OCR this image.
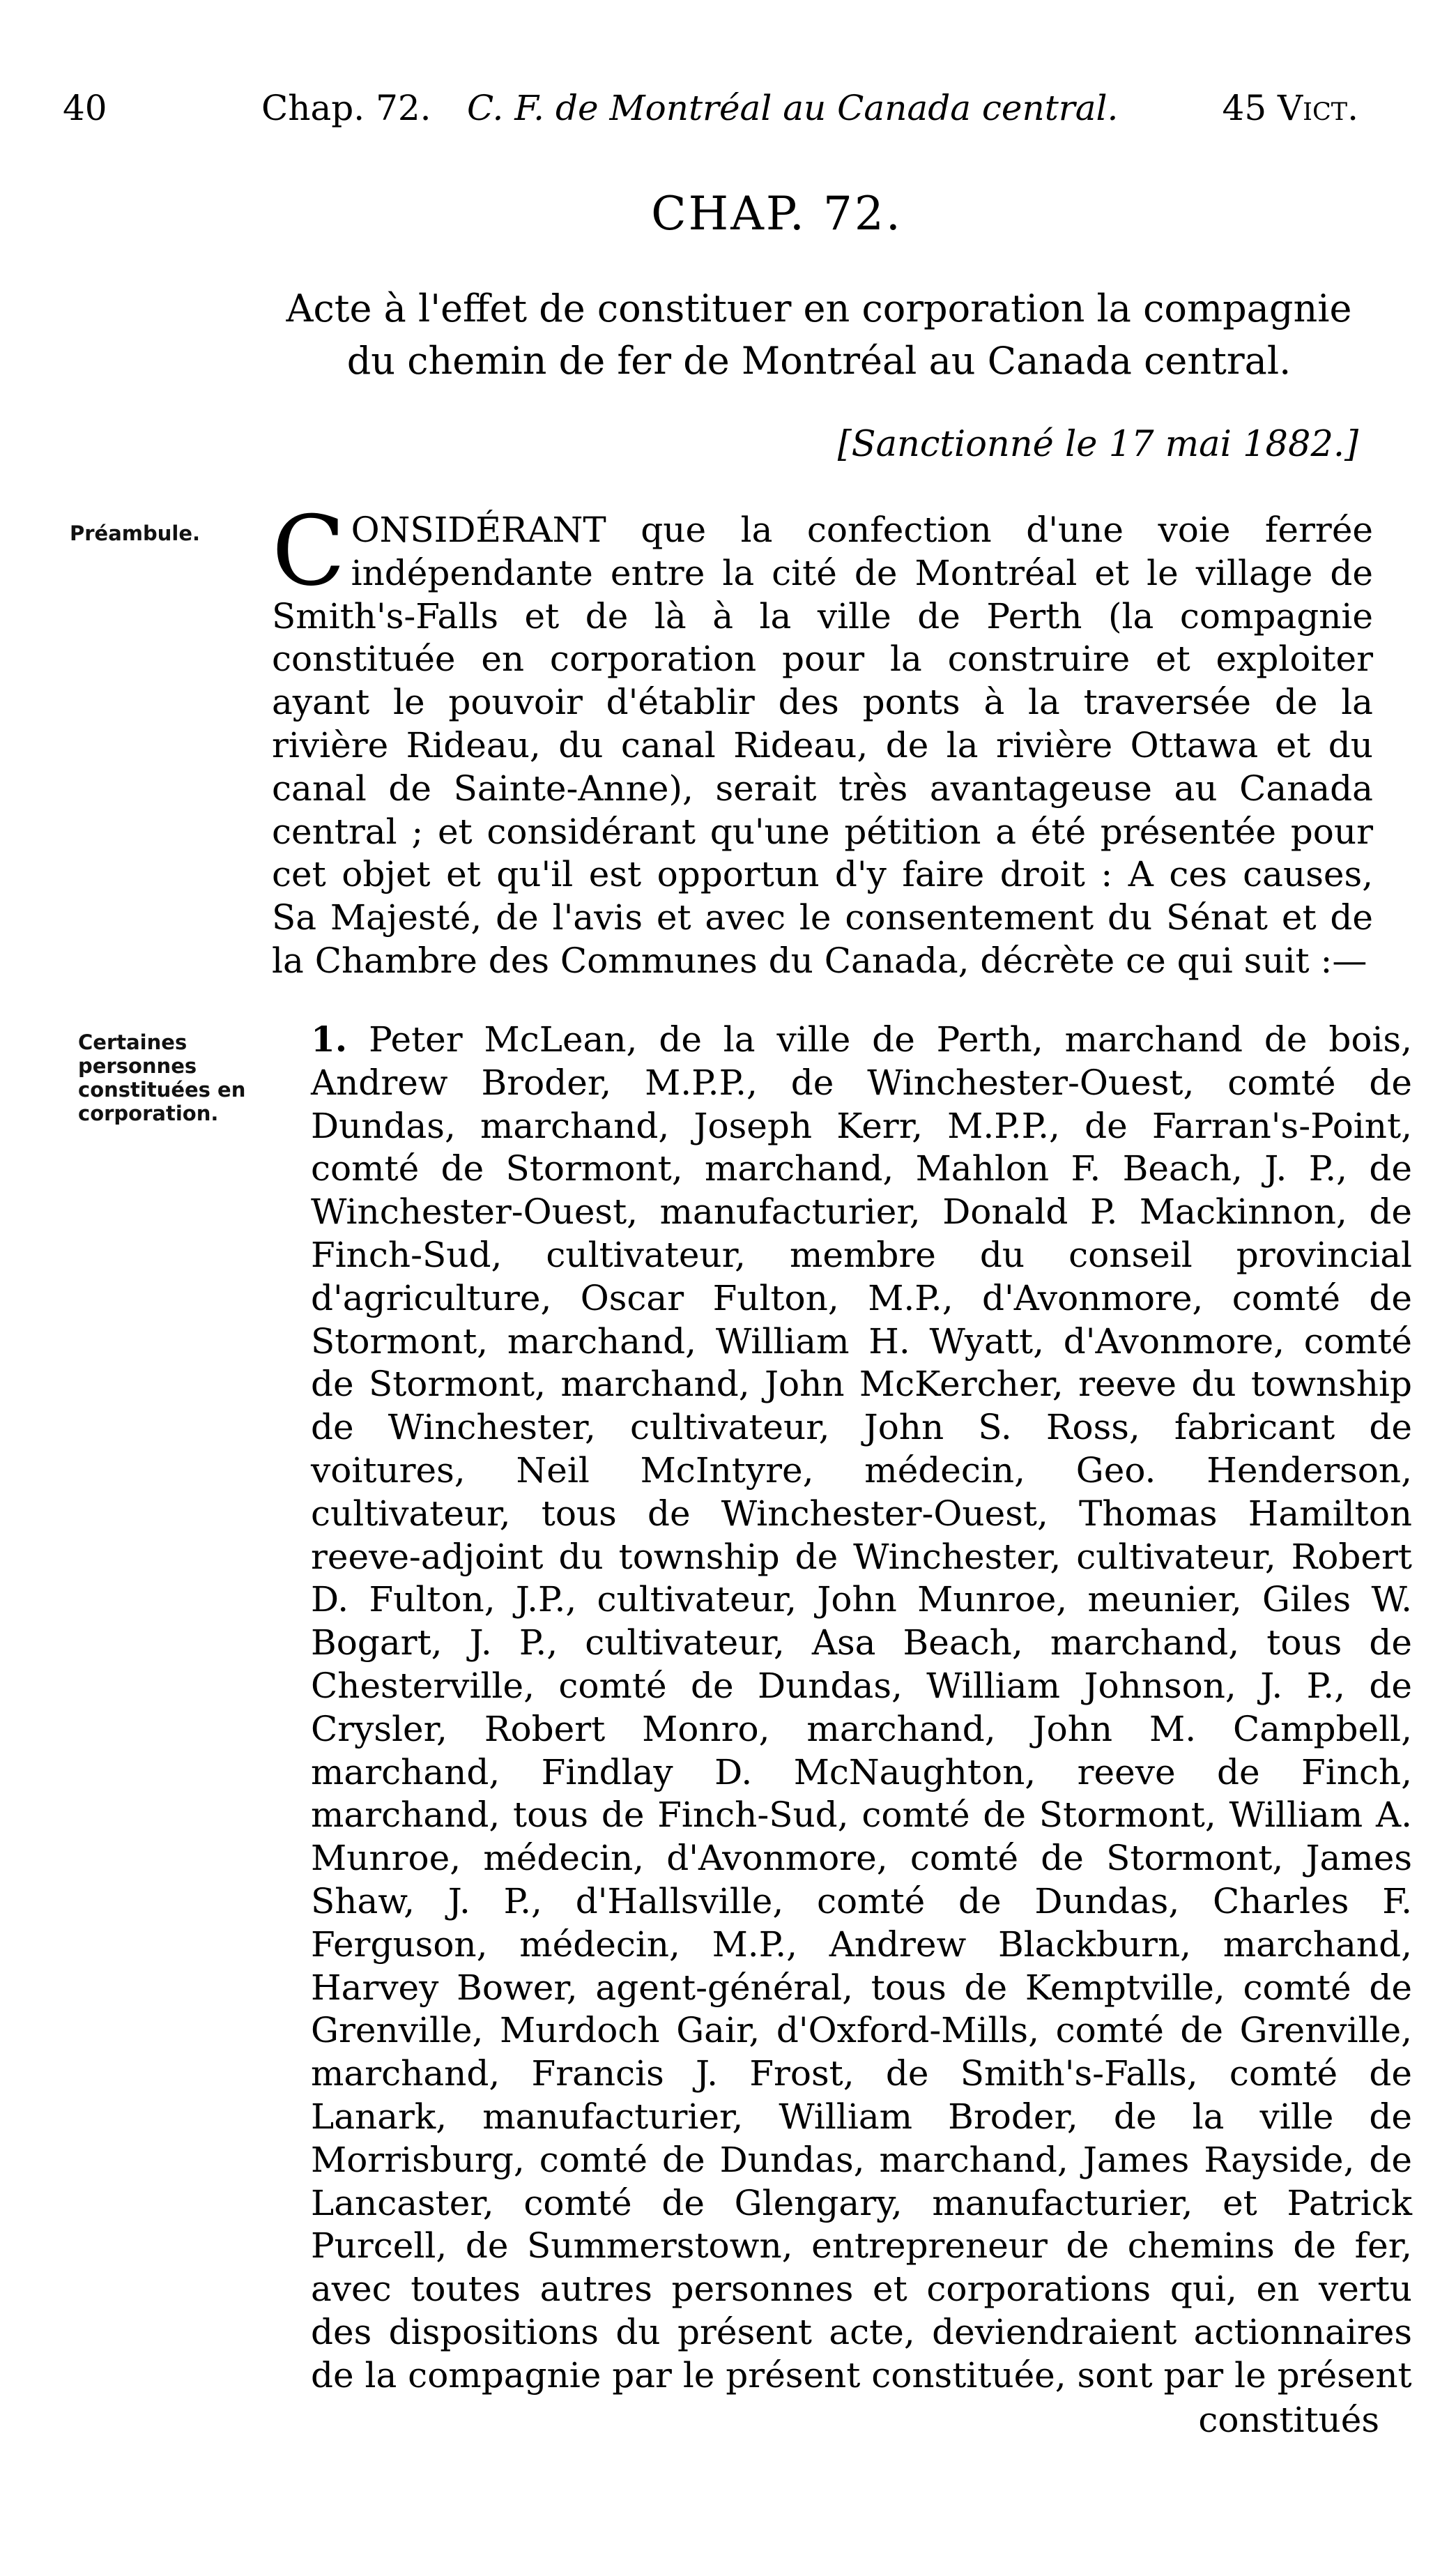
40	Chap. 72. C. F. de Montréal au Canada central.	45 Vict.
CHAP. 72.
Acte à l'effet de constituer en corporation la compagnie du chemin de fer de Montréal au Canada central.
[Sanctionné le 17 mai 1882.]
Préambule. CONSIDÉRANT que la confection d'une voie ferrée indépendante entre la cité de Montréal et le village de Smith's-Falls et de là à la ville de Perth (la compagnie constituée en corporation pour la construire et exploiter ayant le pouvoir d'établir des ponts à la traversée de la rivière Rideau, du canal Rideau, de la rivière Ottawa et du canal de Sainte-Anne), serait très avantageuse au Canada central ; et considérant qu'une pétition a été présentée pour cet objet et qu'il est opportun d'y faire droit : A ces causes, Sa Majesté, de l'avis et avec le consentement du Sénat et de la Chambre des Communes du Canada, décrète ce qui suit :—
Certaines personnes constituées en corporation.
1. Peter McLean, de la ville de Perth, marchand de bois, Andrew Broder, M.P.P., de Winchester-Ouest, comté de Dundas, marchand, Joseph Kerr, M.P.P., de Farran's-Point, comté de Stormont, marchand, Mahlon F. Beach, J. P., de Winchester-Ouest, manufacturier, Donald P. Mackinnon, de Finch-Sud, cultivateur, membre du conseil provincial d'agriculture, Oscar Fulton, M.P., d'Avonmore, comté de Stormont, marchand, William H. Wyatt, d'Avonmore, comté de Stormont, marchand, John McKercher, reeve du township de Winchester, cultivateur, John S. Ross, fabricant de voitures, Neil McIntyre, médecin, Geo. Henderson, cultivateur, tous de Winchester-Ouest, Thomas Hamilton reeve-adjoint du township de Winchester, cultivateur, Robert D. Fulton, J.P., cultivateur, John Munroe, meunier, Giles W. Bogart, J. P., cultivateur, Asa Beach, marchand, tous de Chesterville, comté de Dundas, William Johnson, J. P., de Crysler, Robert Monro, marchand, John M. Campbell, marchand, Findlay D. McNaughton, reeve de Finch, marchand, tous de Finch-Sud, comté de Stormont, William A. Munroe, médecin, d'Avonmore, comté de Stormont, James Shaw, J. P., d'Hallsville, comté de Dundas, Charles F. Ferguson, médecin, M.P., Andrew Blackburn, marchand, Harvey Bower, agent-général, tous de Kemptville, comté de Grenville, Murdoch Gair, d'Oxford-Mills, comté de Grenville, marchand, Francis J. Frost, de Smith's-Falls, comté de Lanark, manufacturier, William Broder, de la ville de Morrisburg, comté de Dundas, marchand, James Rayside, de Lancaster, comté de Glengary, manufacturier, et Patrick Purcell, de Summerstown, entrepreneur de chemins de fer, avec toutes autres personnes et corporations qui, en vertu des dispositions du présent acte, deviendraient actionnaires de la compagnie par le présent constituée, sont par le présent
constitués
